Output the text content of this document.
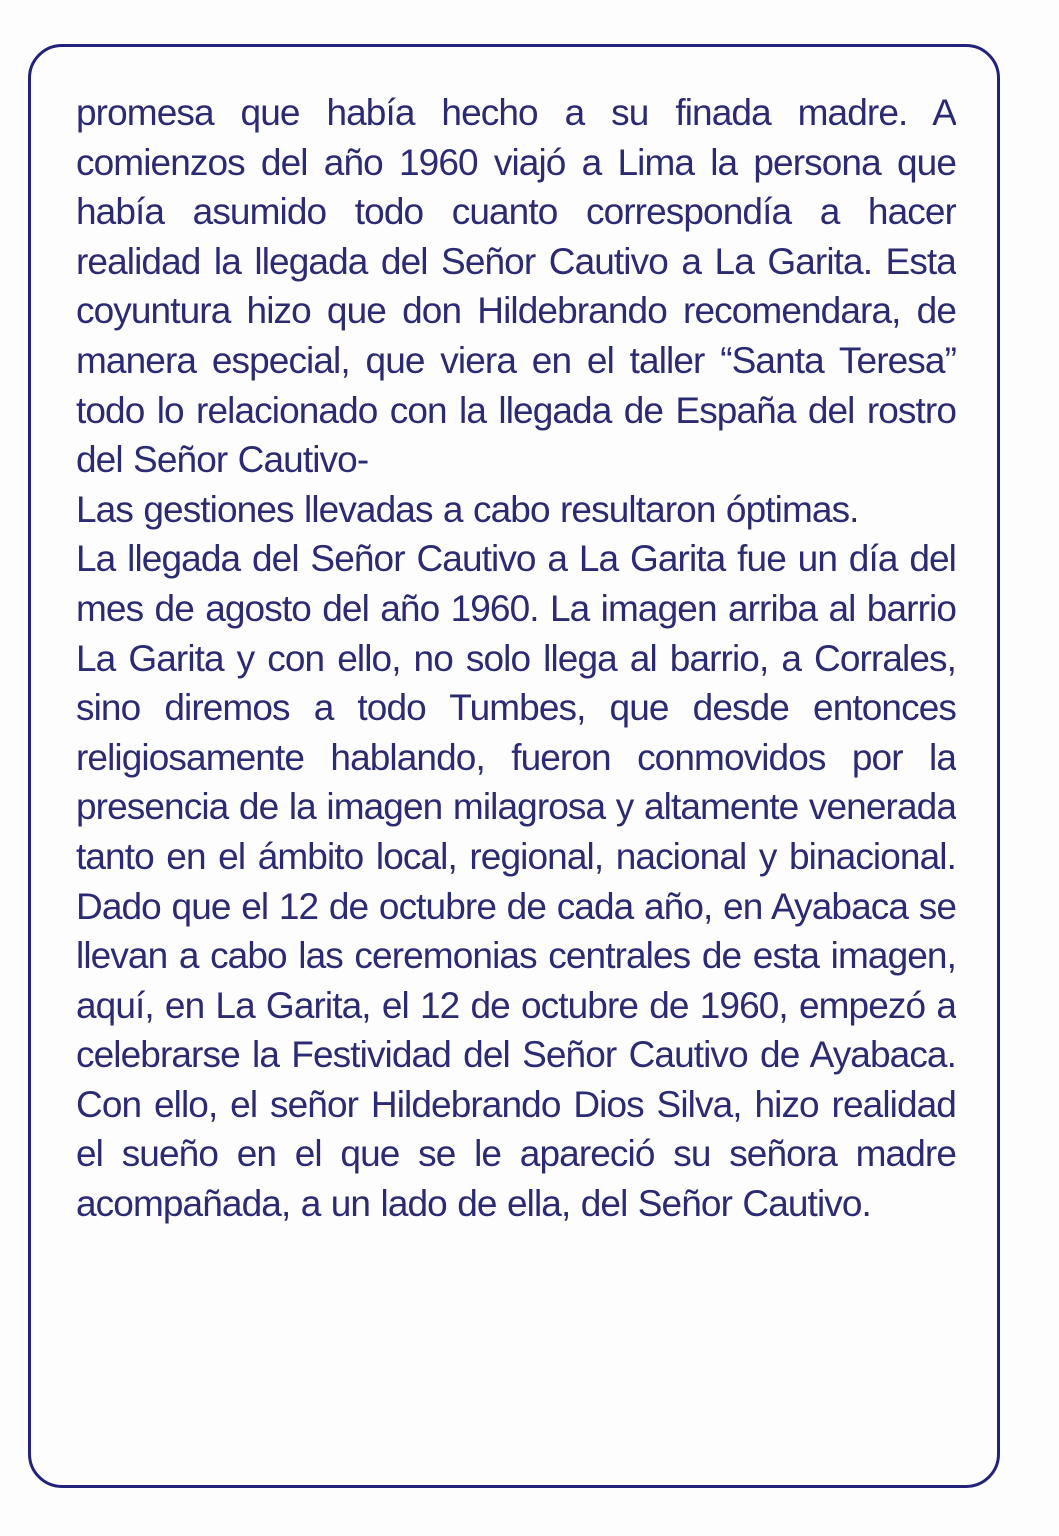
promesa que había hecho a su finada madre. A
comienzos del año 1960 viajó a Lima la persona que
había asumido todo cuanto correspondía a hacer
realidad la llegada del Señor Cautivo a La Garita. Esta
coyuntura hizo que don Hildebrando recomendara, de
manera especial, que viera en el taller “Santa Teresa”
todo lo relacionado con la llegada de España del rostro
del Señor Cautivo-
Las gestiones llevadas a cabo resultaron óptimas.
La llegada del Señor Cautivo a La Garita fue un día del
mes de agosto del año 1960. La imagen arriba al barrio
La Garita y con ello, no solo llega al barrio, a Corrales,
sino diremos a todo Tumbes, que desde entonces
religiosamente hablando, fueron conmovidos por la
presencia de la imagen milagrosa y altamente venerada
tanto en el ámbito local, regional, nacional y binacional.
Dado que el 12 de octubre de cada año, en Ayabaca se
llevan a cabo las ceremonias centrales de esta imagen,
aquí, en La Garita, el 12 de octubre de 1960, empezó a
celebrarse la Festividad del Señor Cautivo de Ayabaca.
Con ello, el señor Hildebrando Dios Silva, hizo realidad
el sueño en el que se le apareció su señora madre
acompañada, a un lado de ella, del Señor Cautivo.
